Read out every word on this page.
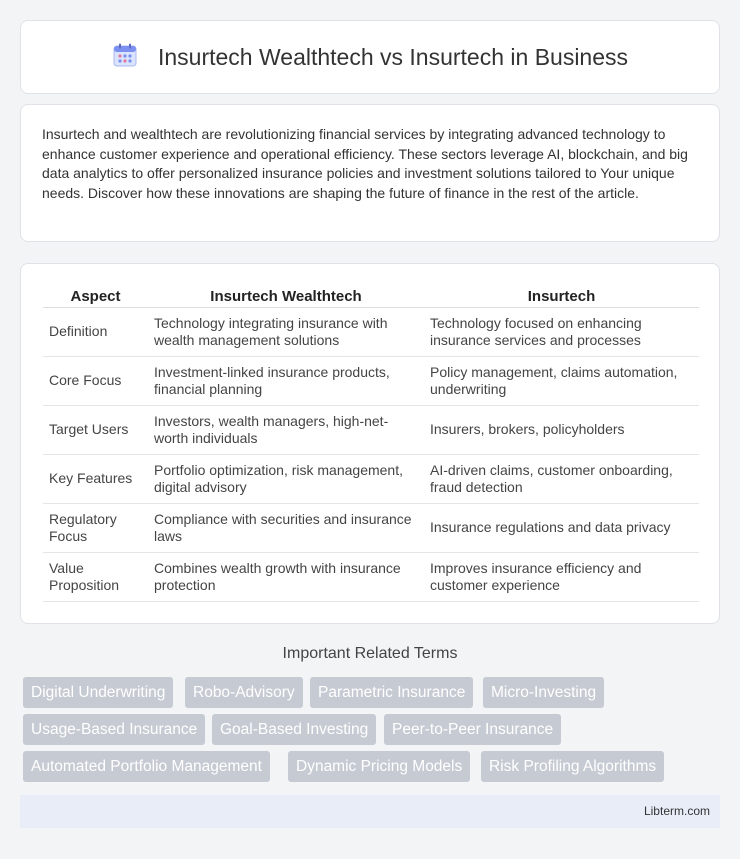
Insurtech Wealthtech vs Insurtech in Business

Insurtech and wealthtech are revolutionizing financial services by integrating advanced technology to enhance customer experience and operational efficiency. These sectors leverage AI, blockchain, and big data analytics to offer personalized insurance policies and investment solutions tailored to Your unique needs. Discover how these innovations are shaping the future of finance in the rest of the article.

Aspect	Insurtech Wealthtech	Insurtech
Definition	Technology integrating insurance with wealth management solutions	Technology focused on enhancing insurance services and processes
Core Focus	Investment-linked insurance products, financial planning	Policy management, claims automation, underwriting
Target Users	Investors, wealth managers, high-net-worth individuals	Insurers, brokers, policyholders
Key Features	Portfolio optimization, risk management, digital advisory	AI-driven claims, customer onboarding, fraud detection
Regulatory Focus	Compliance with securities and insurance laws	Insurance regulations and data privacy
Value Proposition	Combines wealth growth with insurance protection	Improves insurance efficiency and customer experience
Important Related Terms
Digital Underwriting	Robo-Advisory	Parametric Insurance	Micro-Investing
Usage-Based Insurance	Goal-Based Investing	Peer-to-Peer Insurance
Automated Portfolio Management	Dynamic Pricing Models	Risk Profiling Algorithms
Libterm.com
